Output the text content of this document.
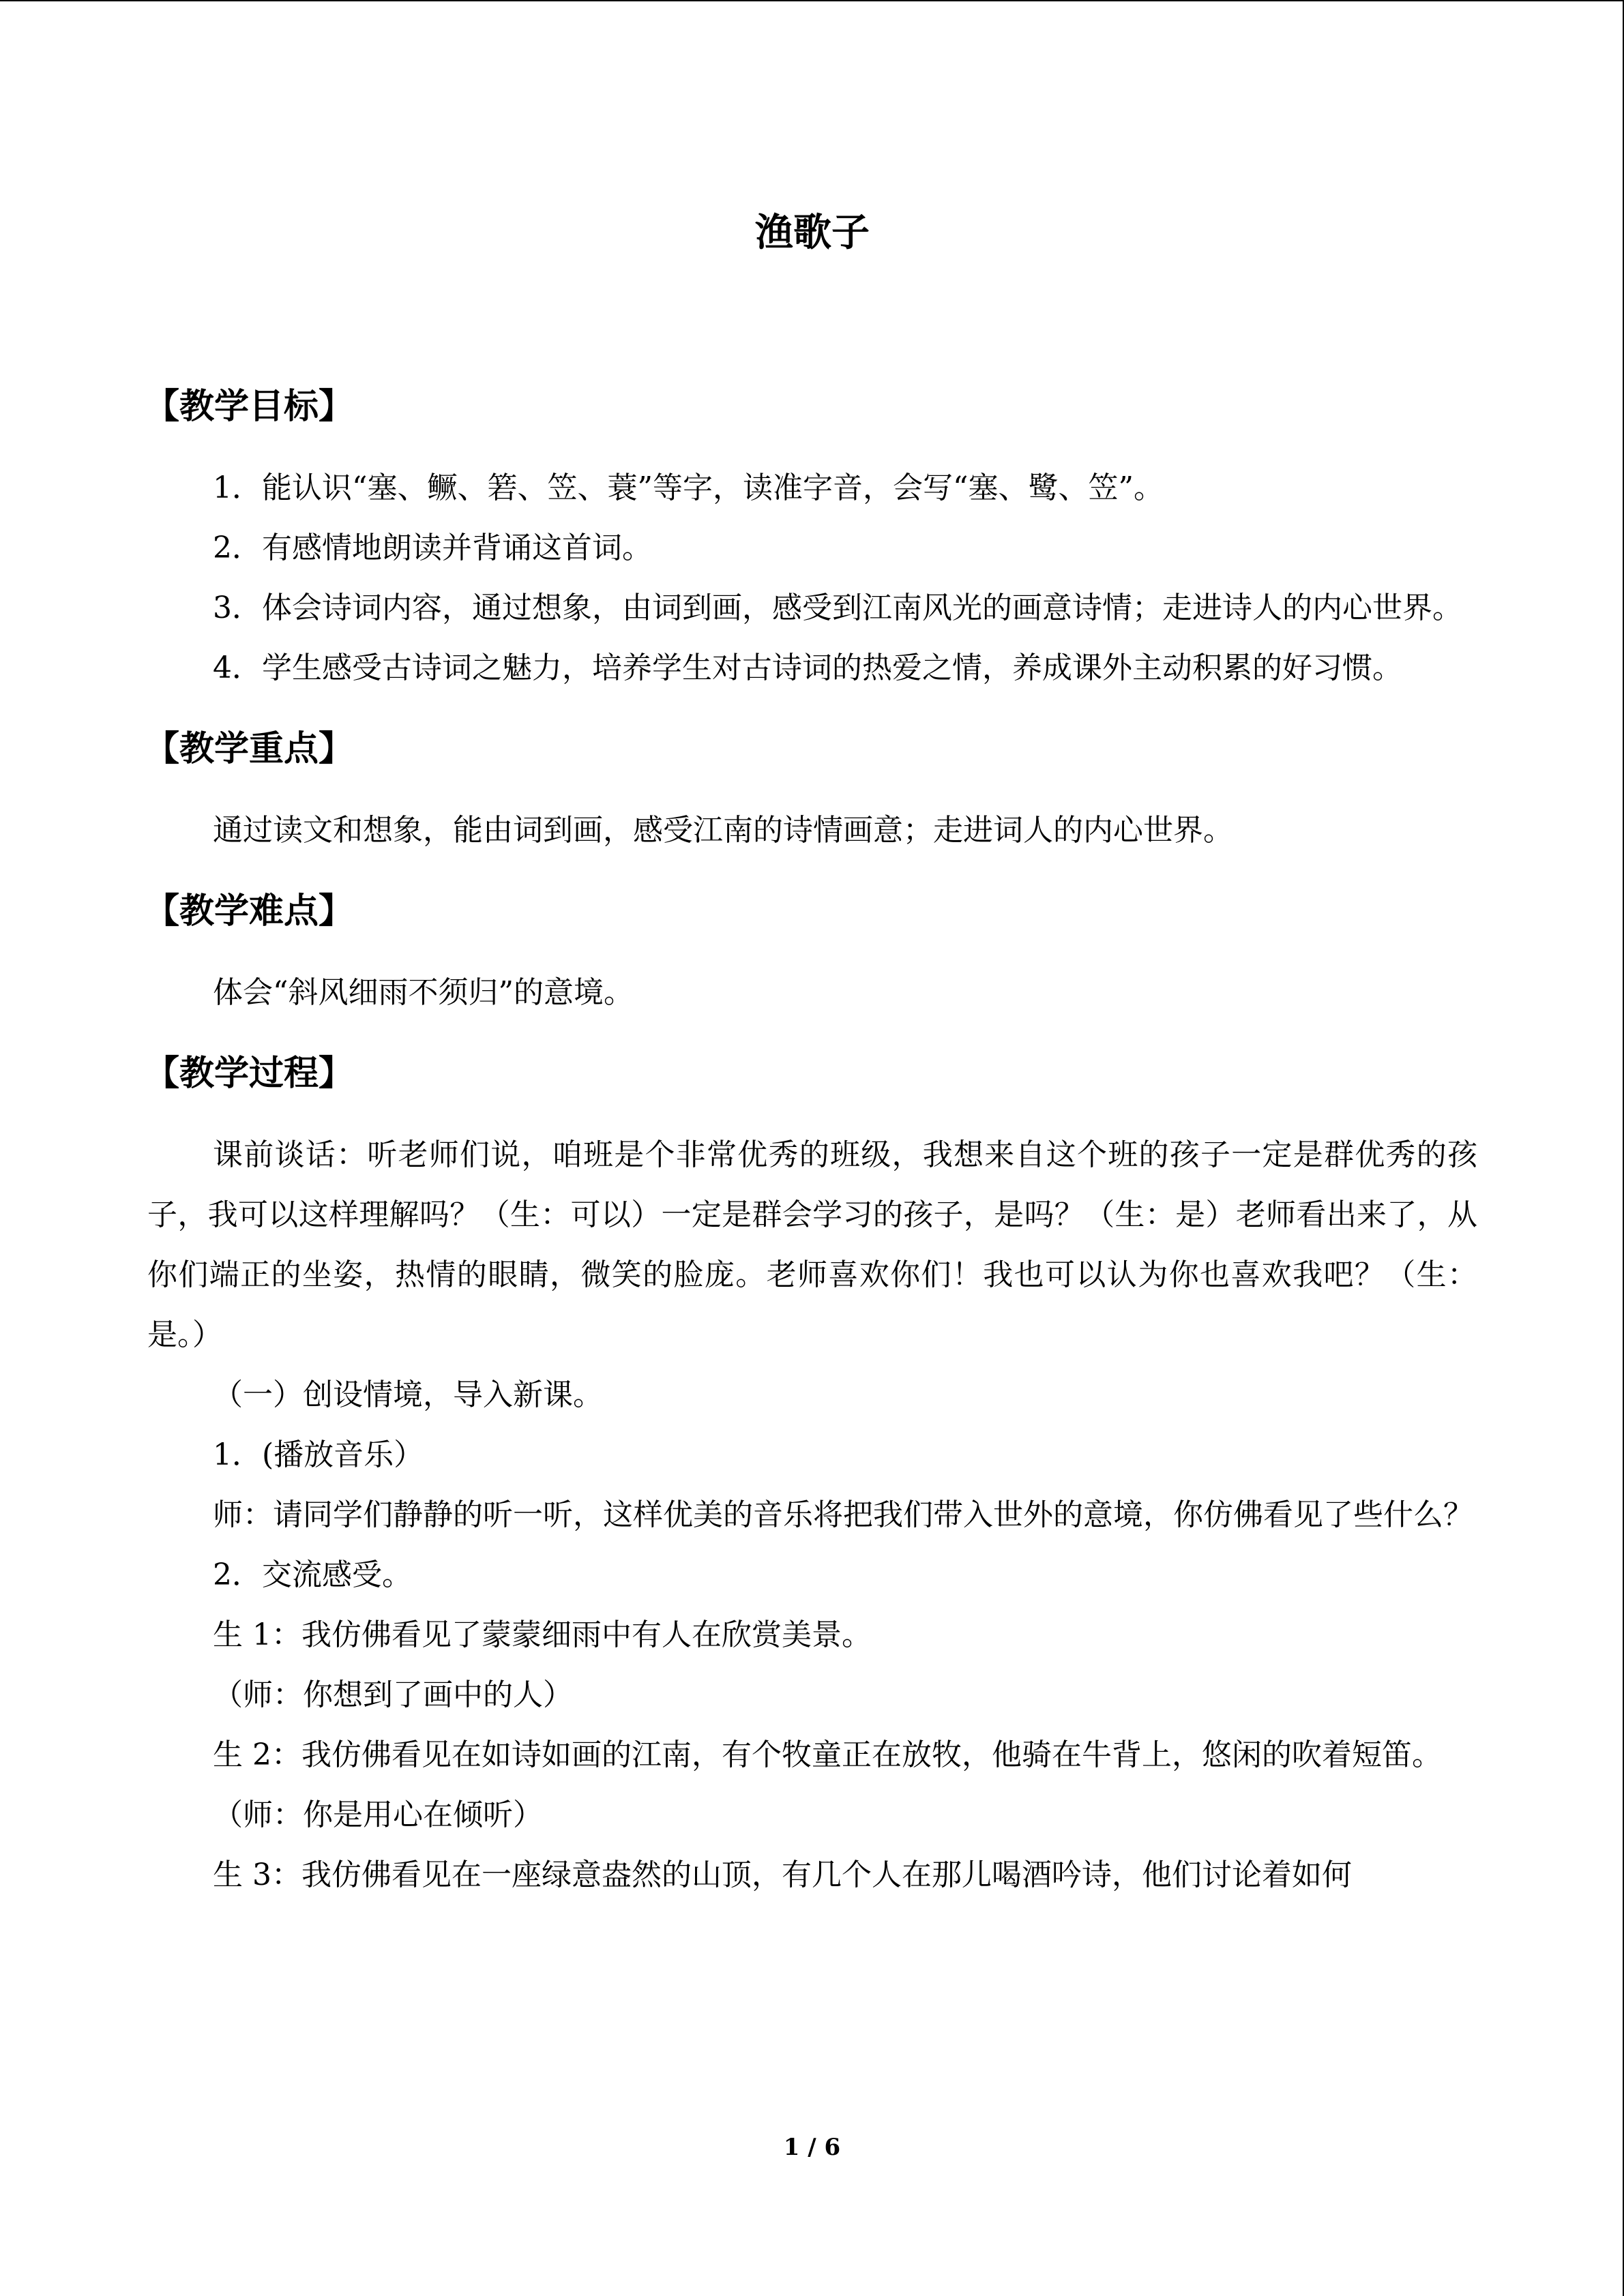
渔歌子
【教学目标】

1．能认识“塞、鳜、箬、笠、蓑”等字，读准字音，会写“塞、鹭、笠”。

2．有感情地朗读并背诵这首词。

3．体会诗词内容，通过想象，由词到画，感受到江南风光的画意诗情；走进诗人的内心世界。

4．学生感受古诗词之魅力，培养学生对古诗词的热爱之情，养成课外主动积累的好习惯。

【教学重点】

通过读文和想象，能由词到画，感受江南的诗情画意；走进词人的内心世界。

【教学难点】

体会“斜风细雨不须归”的意境。

【教学过程】

课前谈话：听老师们说，咱班是个非常优秀的班级，我想来自这个班的孩子一定是群优秀的孩子，我可以这样理解吗？（生：可以）一定是群会学习的孩子，是吗？（生：是）老师看出来了，从你们端正的坐姿，热情的眼睛，微笑的脸庞。老师喜欢你们！我也可以认为你也喜欢我吧？（生：是。）

（一）创设情境，导入新课。

1．(播放音乐）

师：请同学们静静的听一听，这样优美的音乐将把我们带入世外的意境，你仿佛看见了些什么？

2．交流感受。

生 1：我仿佛看见了蒙蒙细雨中有人在欣赏美景。

（师：你想到了画中的人）

生 2：我仿佛看见在如诗如画的江南，有个牧童正在放牧，他骑在牛背上，悠闲的吹着短笛。

（师：你是用心在倾听）

生 3：我仿佛看见在一座绿意盎然的山顶，有几个人在那儿喝酒吟诗，他们讨论着如何

1 / 6
